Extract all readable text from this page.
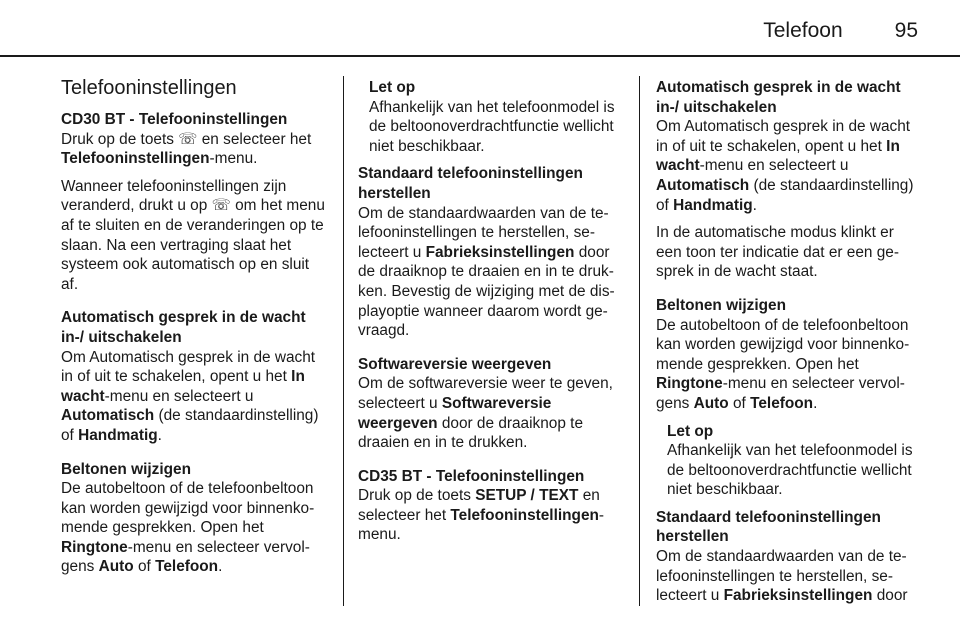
Telefoon 95
Telefooninstellingen
CD30 BT - Telefooninstellingen

Druk op de toets ☏ en selecteer het
Telefooninstellingen-menu.

Wanneer telefooninstellingen zijn veranderd, drukt u op ☏ om het menu af te sluiten en de veranderingen op te slaan. Na een vertraging slaat het systeem ook automatisch op en sluit af.

Automatisch gesprek in de wacht in-/ uitschakelen

Om Automatisch gesprek in de wacht in of uit te schakelen, opent u het In wacht-menu en selecteert u Automatisch (de standaardinstelling) of Handmatig.

Beltonen wijzigen

De autobeltoon of de telefoonbeltoon kan worden gewijzigd voor binnenko- mende gesprekken. Open het Ringtone-menu en selecteer vervol- gens Auto of Telefoon.

Let op
Afhankelijk van het telefoonmodel is de beltoonoverdrachtfunctie wellicht niet beschikbaar.
Standaard telefooninstellingen herstellen

Om de standaardwaarden van de te- lefooninstellingen te herstellen, se- lecteert u Fabrieksinstellingen door de draaiknop te draaien en in te druk- ken. Bevestig de wijziging met de dis- playoptie wanneer daarom wordt ge- vraagd.

Softwareversie weergeven

Om de softwareversie weer te geven, selecteert u Softwareversie weergeven door de draaiknop te draaien en in te drukken.

CD35 BT - Telefooninstellingen

Druk op de toets SETUP / TEXT en selecteer het Telefooninstellingen- menu.

Automatisch gesprek in de wacht in-/ uitschakelen

Om Automatisch gesprek in de wacht in of uit te schakelen, opent u het In wacht-menu en selecteert u Automatisch (de standaardinstelling) of Handmatig.

In de automatische modus klinkt er een toon ter indicatie dat er een ge- sprek in de wacht staat.

Beltonen wijzigen

De autobeltoon of de telefoonbeltoon kan worden gewijzigd voor binnenko- mende gesprekken. Open het Ringtone-menu en selecteer vervol- gens Auto of Telefoon.

Let op
Afhankelijk van het telefoonmodel is de beltoonoverdrachtfunctie wellicht niet beschikbaar.
Standaard telefooninstellingen herstellen

Om de standaardwaarden van de te- lefooninstellingen te herstellen, se- lecteert u Fabrieksinstellingen door
